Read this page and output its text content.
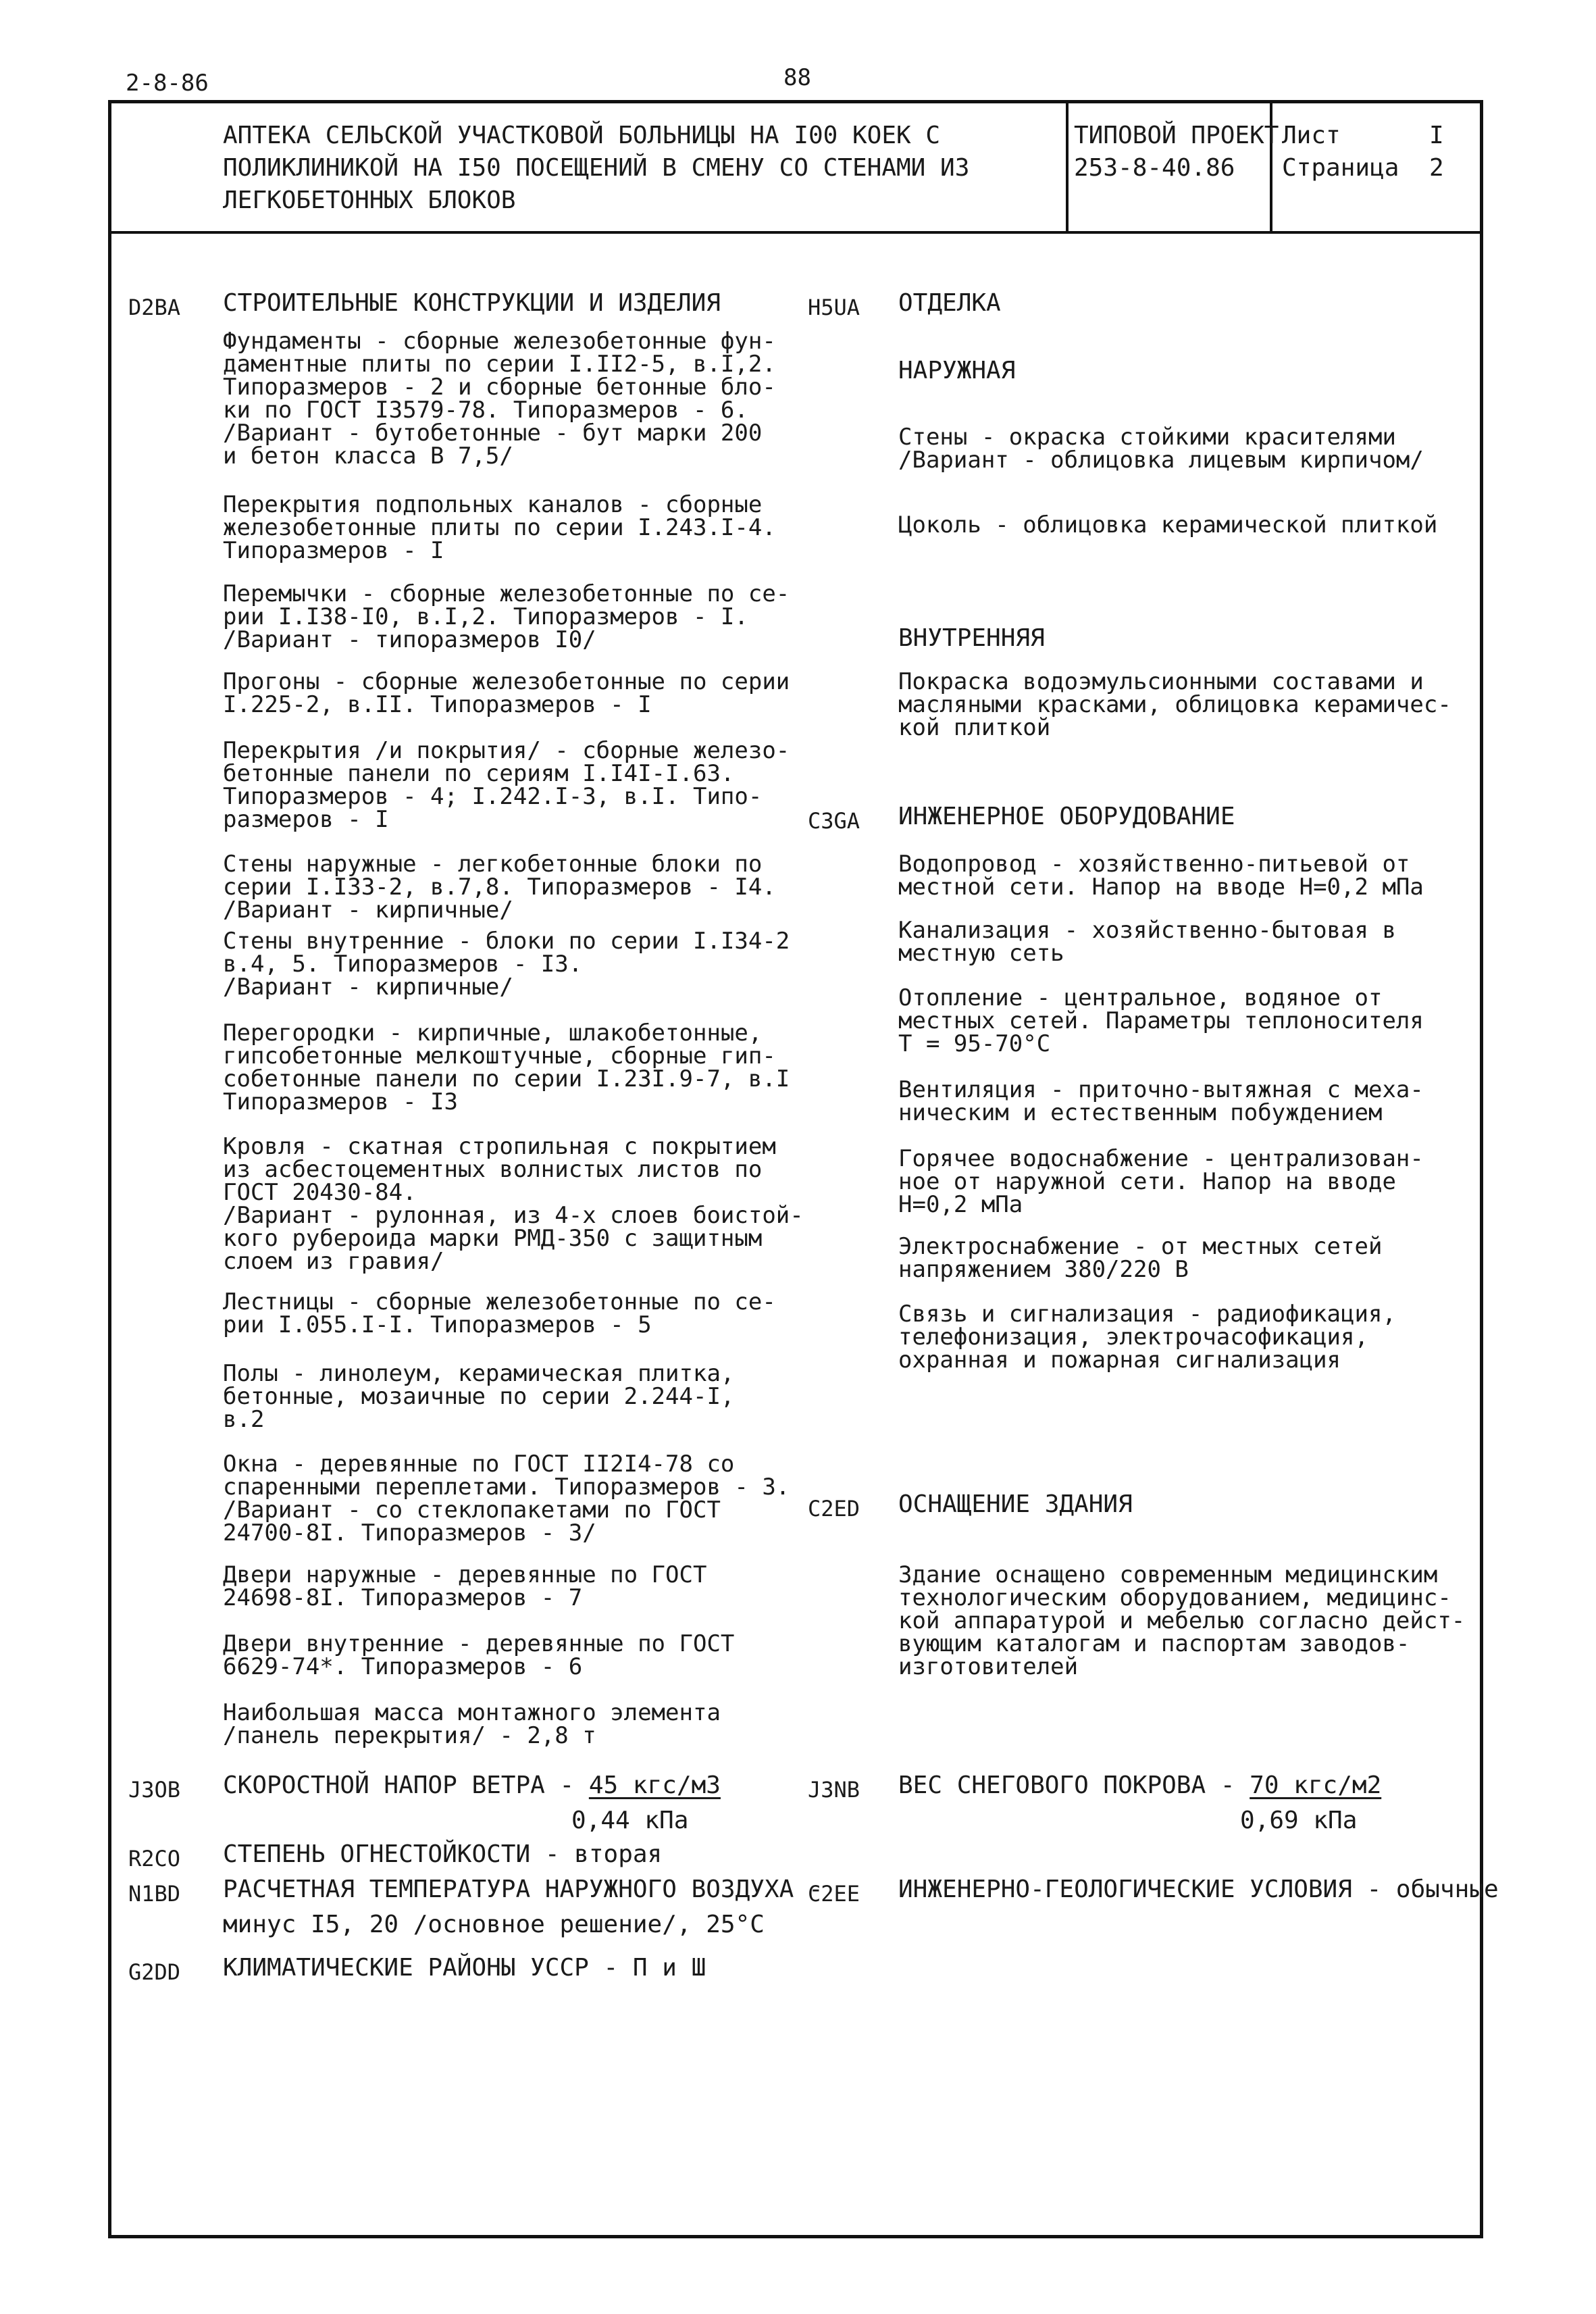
2-8-86	88
АПТЕКА СЕЛЬСКОЙ УЧАСТКОВОЙ БОЛЬНИЦЫ НА I00 КОЕК С
ПОЛИКЛИНИКОЙ НА I50 ПОСЕЩЕНИЙ В СМЕНУ СО СТЕНАМИ ИЗ
ЛЕГКОБЕТОННЫХ БЛОКОВ
ТИПОВОЙ ПРОЕКТ
253-8-40.86
Лист	I
Страница 2
D2BA СТРОИТЕЛЬНЫЕ КОНСТРУКЦИИ И ИЗДЕЛИЯ
Фундаменты - сборные железобетонные фун-
даментные плиты по серии I.II2-5, в.I,2.
Типоразмеров - 2 и сборные бетонные бло-
ки по ГОСТ I3579-78. Типоразмеров - 6.
/Вариант - бутобетонные - бут марки 200
и бетон класса В 7,5/
Перекрытия подпольных каналов - сборные
железобетонные плиты по серии I.243.I-4.
Типоразмеров - I
Перемычки - сборные железобетонные по се-
рии I.I38-I0, в.I,2. Типоразмеров - I.
/Вариант - типоразмеров I0/
Прогоны - сборные железобетонные по серии
I.225-2, в.II. Типоразмеров - I
Перекрытия /и покрытия/ - сборные железо-
бетонные панели по сериям I.I4I-I.63.
Типоразмеров - 4; I.242.I-3, в.I. Типо-
размеров - I
Стены наружные - легкобетонные блоки по
серии I.I33-2, в.7,8. Типоразмеров - I4.
/Вариант - кирпичные/
Стены внутренние - блоки по серии I.I34-2
в.4, 5. Типоразмеров - I3.
/Вариант - кирпичные/
Перегородки - кирпичные, шлакобетонные,
гипсобетонные мелкоштучные, сборные гип-
собетонные панели по серии I.23I.9-7, в.I
Типоразмеров - I3
Кровля - скатная стропильная с покрытием
из асбестоцементных волнистых листов по
ГОСТ 20430-84.
/Вариант - рулонная, из 4-х слоев боистой-
кого рубероида марки РМД-350 с защитным
слоем из гравия/
Лестницы - сборные железобетонные по се-
рии I.055.I-I. Типоразмеров - 5
Полы - линолеум, керамическая плитка,
бетонные, мозаичные по серии 2.244-I,
в.2
Окна - деревянные по ГОСТ II2I4-78 со
спаренными переплетами. Типоразмеров - 3.
/Вариант - со стеклопакетами по ГОСТ
24700-8I. Типоразмеров - 3/
Двери наружные - деревянные по ГОСТ
24698-8I. Типоразмеров - 7
Двери внутренние - деревянные по ГОСТ
6629-74*. Типоразмеров - 6
Наибольшая масса монтажного элемента
/панель перекрытия/ - 2,8 т
H5UA ОТДЕЛКА
НАРУЖНАЯ
Стены - окраска стойкими красителями
/Вариант - облицовка лицевым кирпичом/
Цоколь - облицовка керамической плиткой
ВНУТРЕННЯЯ
Покраска водоэмульсионными составами и
масляными красками, облицовка керамичес-
кой плиткой
C3GA ИНЖЕНЕРНОЕ ОБОРУДОВАНИЕ
Водопровод - хозяйственно-питьевой от
местной сети. Напор на вводе Н=0,2 мПа
Канализация - хозяйственно-бытовая в
местную сеть
Отопление - центральное, водяное от
местных сетей. Параметры теплоносителя
Т = 95-70°С
Вентиляция - приточно-вытяжная с меха-
ническим и естественным побуждением
Горячее водоснабжение - централизован-
ное от наружной сети. Напор на вводе
Н=0,2 мПа
Электроснабжение - от местных сетей
напряжением 380/220 В
Связь и сигнализация - радиофикация,
телефонизация, электрочасофикация,
охранная и пожарная сигнализация
C2ED ОСНАЩЕНИЕ ЗДАНИЯ
Здание оснащено современным медицинским
технологическим оборудованием, медицинс-
кой аппаратурой и мебелью согласно дейст-
вующим каталогам и паспортам заводов-
изготовителей
J3OB СКОРОСТНОЙ НАПОР ВЕТРА - 45 кгс/м3
0,44 кПа
J3NB ВЕС СНЕГОВОГО ПОКРОВА - 70 кгс/м2
0,69 кПа
R2CO СТЕПЕНЬ ОГНЕСТОЙКОСТИ - вторая
N1BD РАСЧЕТНАЯ ТЕМПЕРАТУРА НАРУЖНОГО ВОЗДУХА -
минус I5, 20 /основное решение/, 25°С
C2EE ИНЖЕНЕРНО-ГЕОЛОГИЧЕСКИЕ УСЛОВИЯ - обычные
G2DD КЛИМАТИЧЕСКИЕ РАЙОНЫ УССР - П и Ш
